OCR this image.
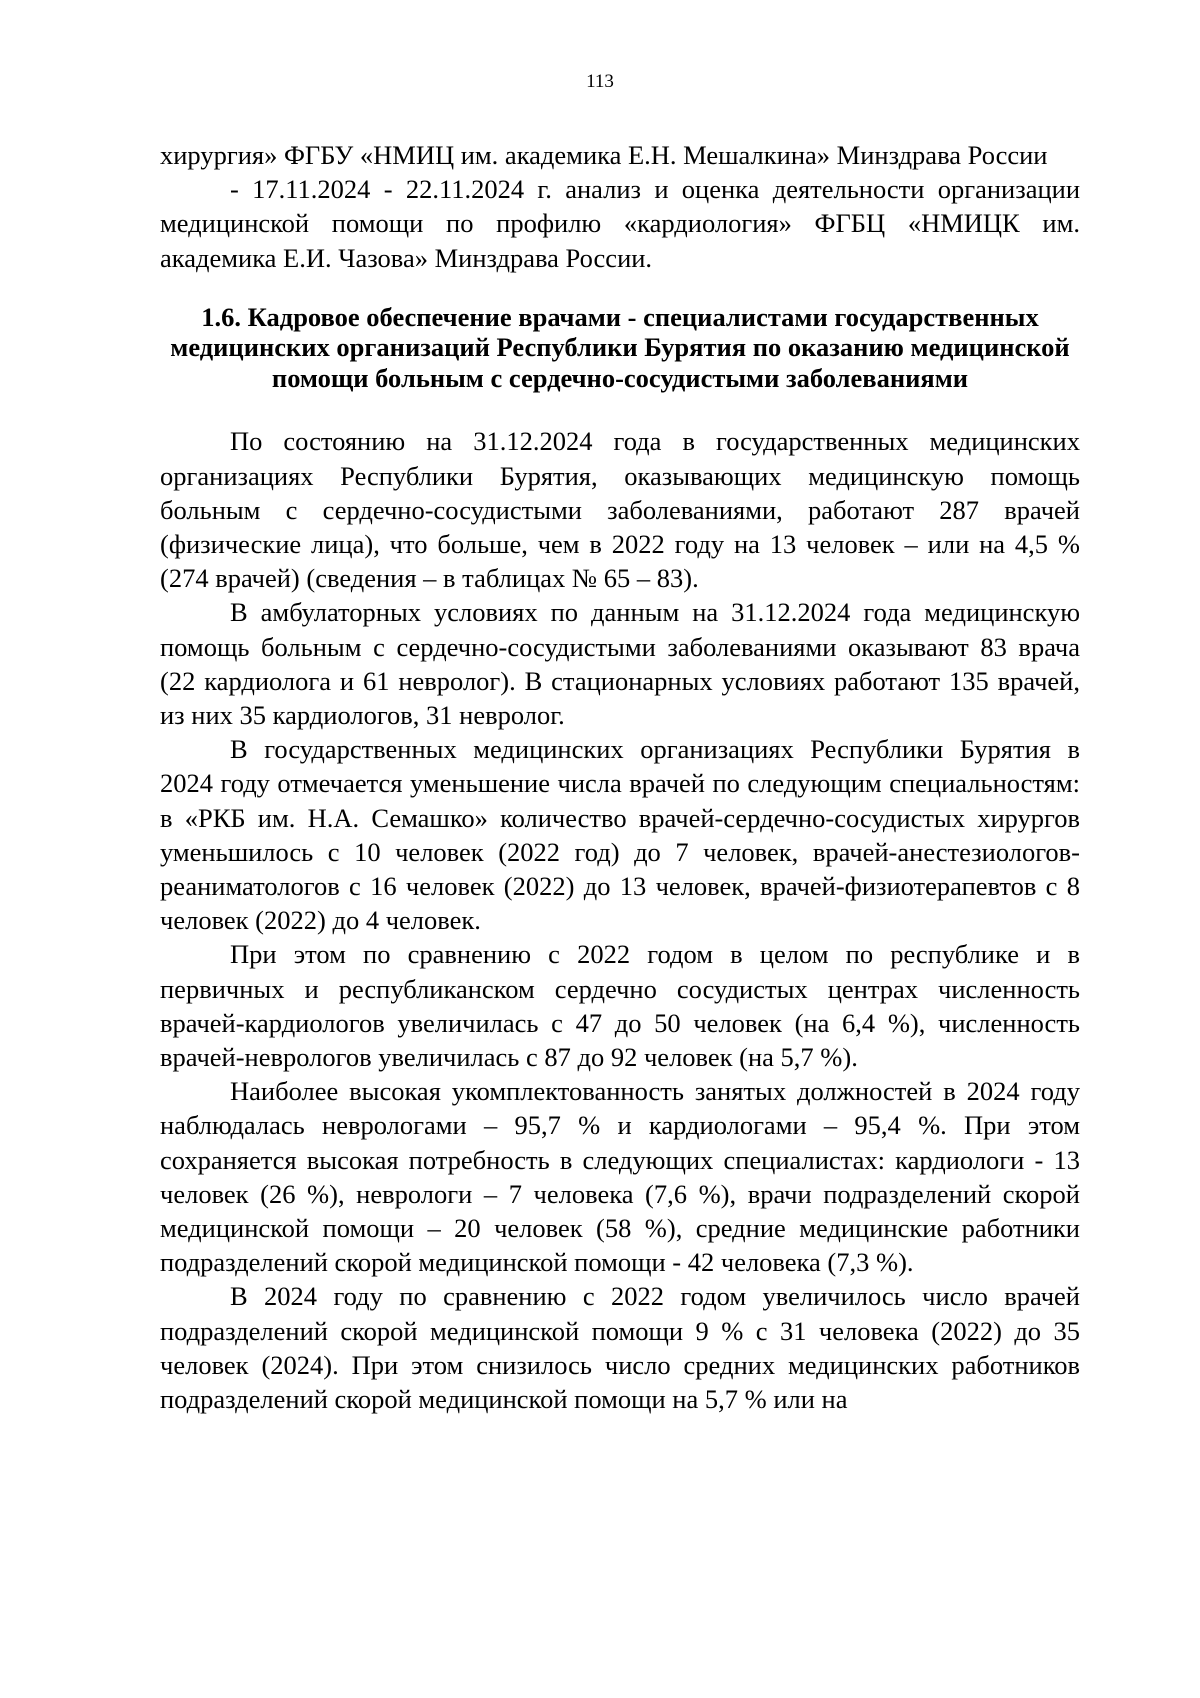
113

хирургия» ФГБУ «НМИЦ им. академика Е.Н. Мешалкина» Минздрава России

- 17.11.2024 - 22.11.2024 г. анализ и оценка деятельности организации медицинской помощи по профилю «кардиология» ФГБЦ «НМИЦК им. академика Е.И. Чазова» Минздрава России.

1.6. Кадровое обеспечение врачами - специалистами государственных медицинских организаций Республики Бурятия по оказанию медицинской помощи больным с сердечно-сосудистыми заболеваниями

По состоянию на 31.12.2024 года в государственных медицинских организациях Республики Бурятия, оказывающих медицинскую помощь больным с сердечно-сосудистыми заболеваниями, работают 287 врачей (физические лица), что больше, чем в 2022 году на 13 человек – или на 4,5 % (274 врачей) (сведения – в таблицах № 65 – 83).

В амбулаторных условиях по данным на 31.12.2024 года медицинскую помощь больным с сердечно-сосудистыми заболеваниями оказывают 83 врача (22 кардиолога и 61 невролог). В стационарных условиях работают 135 врачей, из них 35 кардиологов, 31 невролог.

В государственных медицинских организациях Республики Бурятия в 2024 году отмечается уменьшение числа врачей по следующим специальностям: в «РКБ им. Н.А. Семашко» количество врачей-сердечно-сосудистых хирургов уменьшилось с 10 человек (2022 год) до 7 человек, врачей-анестезиологов-реаниматологов с 16 человек (2022) до 13 человек, врачей-физиотерапевтов с 8 человек (2022) до 4 человек.

При этом по сравнению с 2022 годом в целом по республике и в первичных и республиканском сердечно сосудистых центрах численность врачей-кардиологов увеличилась с 47 до 50 человек (на 6,4 %), численность врачей-неврологов увеличилась с 87 до 92 человек (на 5,7 %).

Наиболее высокая укомплектованность занятых должностей в 2024 году наблюдалась неврологами – 95,7 % и кардиологами – 95,4 %. При этом сохраняется высокая потребность в следующих специалистах: кардиологи - 13 человек (26 %), неврологи – 7 человека (7,6 %), врачи подразделений скорой медицинской помощи – 20 человек (58 %), средние медицинские работники подразделений скорой медицинской помощи - 42 человека (7,3 %).

В 2024 году по сравнению с 2022 годом увеличилось число врачей подразделений скорой медицинской помощи 9 % с 31 человека (2022) до 35 человек (2024). При этом снизилось число средних медицинских работников подразделений скорой медицинской помощи на 5,7 % или на
